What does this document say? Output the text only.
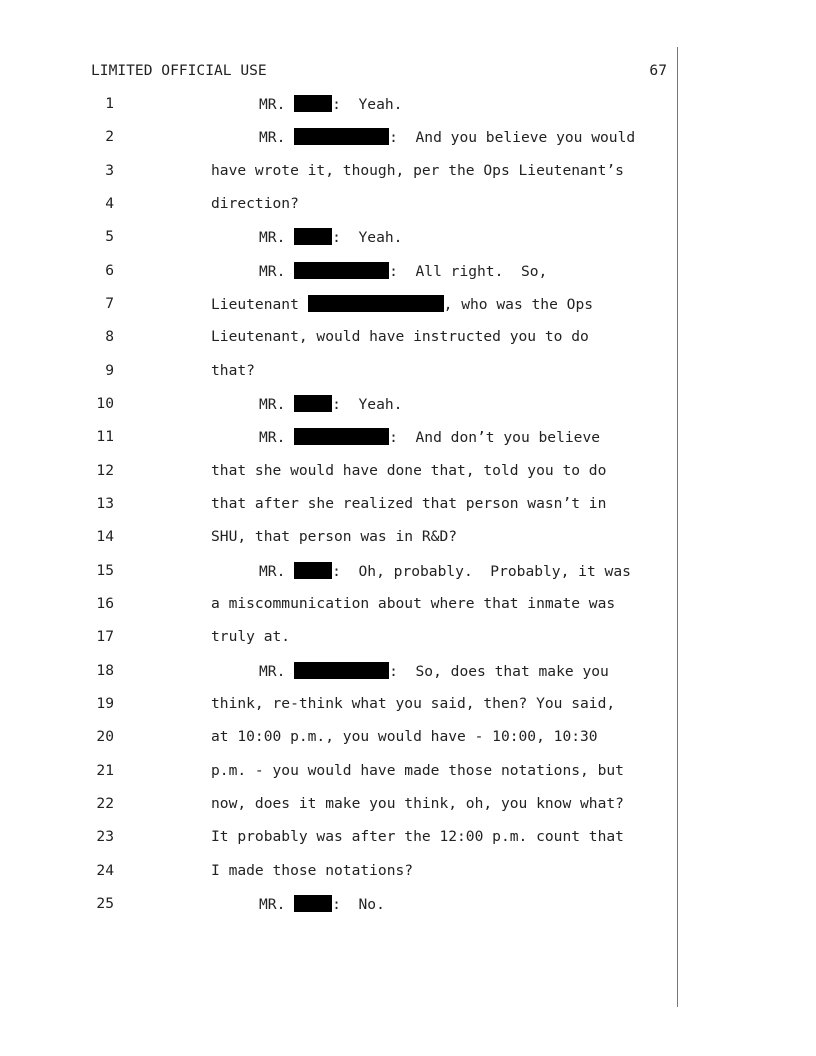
LIMITED OFFICIAL USE	67
1	MR.	:  Yeah.
2	MR.	:  And you believe you would
3	have wrote it, though, per the Ops Lieutenant’s
4	direction?
5	MR.	:  Yeah.
6	MR.	:  All right.  So,
7	Lieutenant	, who was the Ops
8	Lieutenant, would have instructed you to do
9	that?
10	MR.	:  Yeah.
11	MR.	:  And don’t you believe
12	that she would have done that, told you to do
13	that after she realized that person wasn’t in
14	SHU, that person was in R&D?
15	MR.	:  Oh, probably.  Probably, it was
16	a miscommunication about where that inmate was
17	truly at.
18	MR.	:  So, does that make you
19	think, re-think what you said, then? You said,
20	at 10:00 p.m., you would have - 10:00, 10:30
21	p.m. - you would have made those notations, but
22	now, does it make you think, oh, you know what?
23	It probably was after the 12:00 p.m. count that
24	I made those notations?
25	MR.	:  No.
